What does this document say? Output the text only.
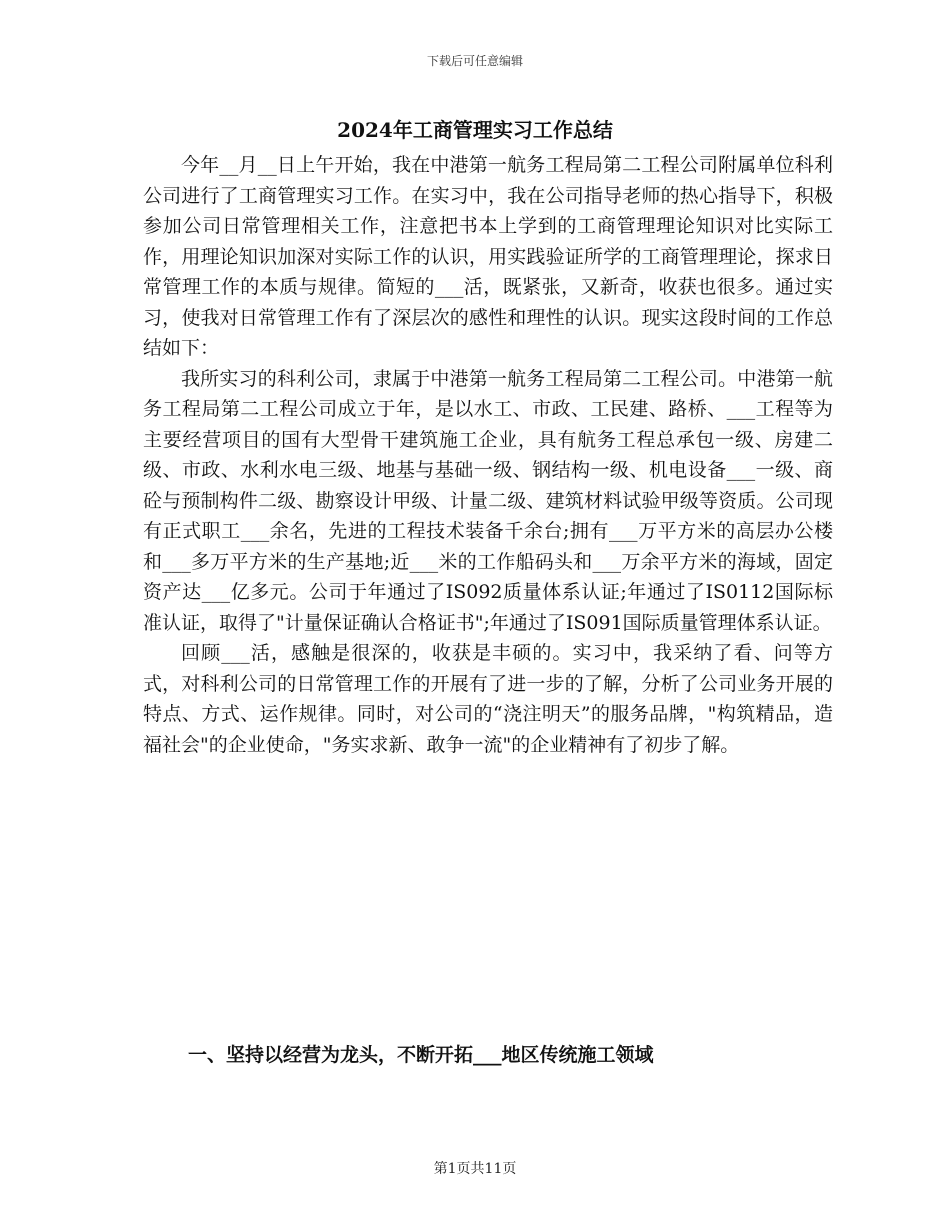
下载后可任意编辑
2024年工商管理实习工作总结

今年__月__日上午开始，我在中港第一航务工程局第二工程公司附属单位科利公司进行了工商管理实习工作。在实习中，我在公司指导老师的热心指导下，积极参加公司日常管理相关工作，注意把书本上学到的工商管理理论知识对比实际工作，用理论知识加深对实际工作的认识，用实践验证所学的工商管理理论，探求日常管理工作的本质与规律。简短的___活，既紧张，又新奇，收获也很多。通过实习，使我对日常管理工作有了深层次的感性和理性的认识。现实这段时间的工作总结如下：

我所实习的科利公司，隶属于中港第一航务工程局第二工程公司。中港第一航务工程局第二工程公司成立于年，是以水工、市政、工民建、路桥、___工程等为主要经营项目的国有大型骨干建筑施工企业，具有航务工程总承包一级、房建二级、市政、水利水电三级、地基与基础一级、钢结构一级、机电设备___一级、商砼与预制构件二级、勘察设计甲级、计量二级、建筑材料试验甲级等资质。公司现有正式职工___余名，先进的工程技术装备千余台;拥有___万平方米的高层办公楼和___多万平方米的生产基地;近___米的工作船码头和___万余平方米的海域，固定资产达___亿多元。公司于年通过了IS092质量体系认证;年通过了IS0112国际标准认证，取得了"计量保证确认合格证书";年通过了IS091国际质量管理体系认证。

回顾___活，感触是很深的，收获是丰硕的。实习中，我采纳了看、问等方式，对科利公司的日常管理工作的开展有了进一步的了解，分析了公司业务开展的特点、方式、运作规律。同时，对公司的“浇注明天”的服务品牌，"构筑精品，造福社会"的企业使命，"务实求新、敢争一流"的企业精神有了初步了解。

一、坚持以经营为龙头，不断开拓___地区传统施工领域
第1页共11页
